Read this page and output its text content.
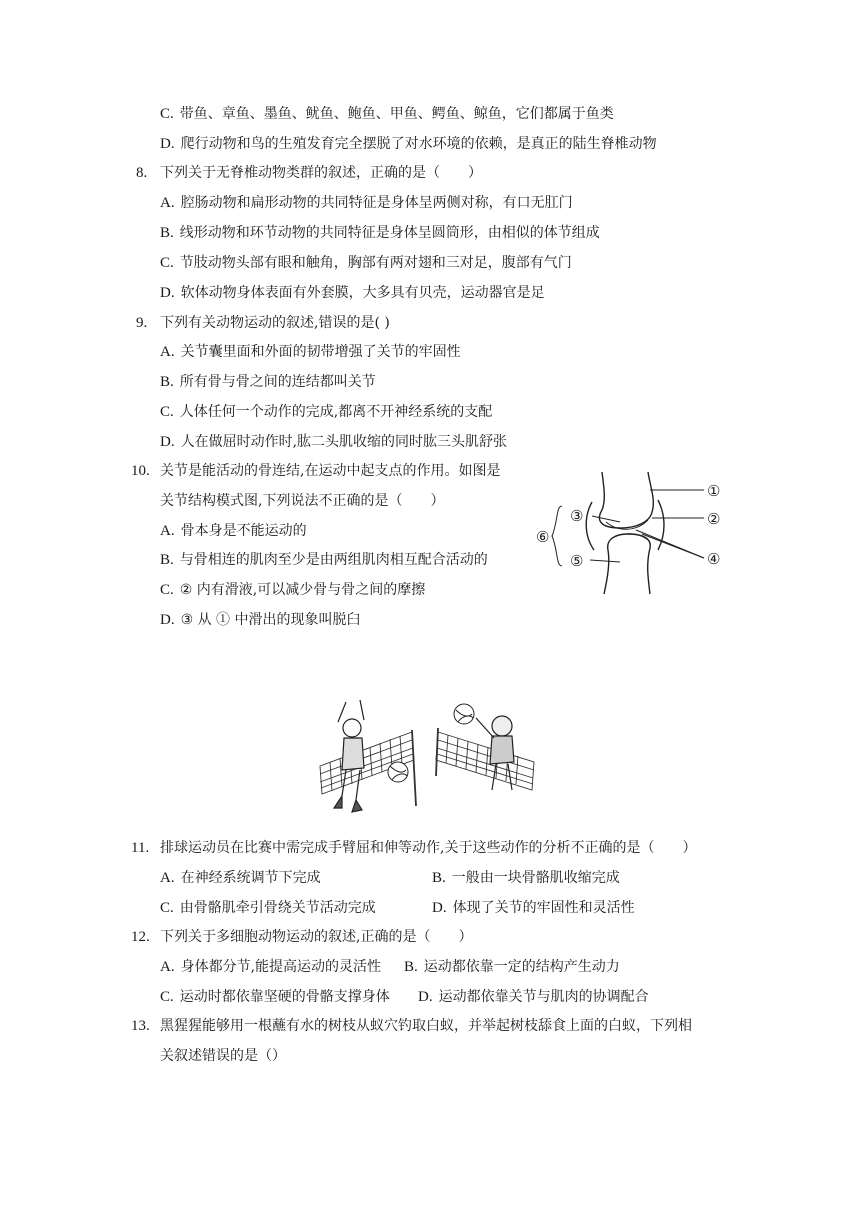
C. 带鱼、章鱼、墨鱼、鱿鱼、鲍鱼、甲鱼、鳄鱼、鲸鱼，它们都属于鱼类
D. 爬行动物和鸟的生殖发育完全摆脱了对水环境的依赖，是真正的陆生脊椎动物
8. 下列关于无脊椎动物类群的叙述，正确的是（　　）
A. 腔肠动物和扁形动物的共同特征是身体呈两侧对称，有口无肛门
B. 线形动物和环节动物的共同特征是身体呈圆筒形，由相似的体节组成
C. 节肢动物头部有眼和触角，胸部有两对翅和三对足，腹部有气门
D. 软体动物身体表面有外套膜，大多具有贝壳，运动器官是足
9. 下列有关动物运动的叙述,错误的是( )
A. 关节囊里面和外面的韧带增强了关节的牢固性
B. 所有骨与骨之间的连结都叫关节
C. 人体任何一个动作的完成,都离不开神经系统的支配
D. 人在做屈时动作时,肱二头肌收缩的同时肱三头肌舒张
10. 关节是能活动的骨连结,在运动中起支点的作用。如图是
关节结构模式图,下列说法不正确的是（　　）
A. 骨本身是不能运动的
B. 与骨相连的肌肉至少是由两组肌肉相互配合活动的
C. ② 内有滑液,可以减少骨与骨之间的摩擦
D. ③ 从 ① 中滑出的现象叫脱臼
①
②
③
④
⑤
⑥
11. 排球运动员在比赛中需完成手臂屈和伸等动作,关于这些动作的分析不正确的是（　　）
A. 在神经系统调节下完成	B. 一般由一块骨骼肌收缩完成
C. 由骨骼肌牵引骨绕关节活动完成	D. 体现了关节的牢固性和灵活性
12. 下列关于多细胞动物运动的叙述,正确的是（　　）
A. 身体都分节,能提高运动的灵活性 B. 运动都依靠一定的结构产生动力
C. 运动时都依靠坚硬的骨骼支撑身体 D. 运动都依靠关节与肌肉的协调配合
13. 黑猩猩能够用一根蘸有水的树枝从蚁穴钓取白蚁，并举起树枝舔食上面的白蚁，下列相
关叙述错误的是（）
